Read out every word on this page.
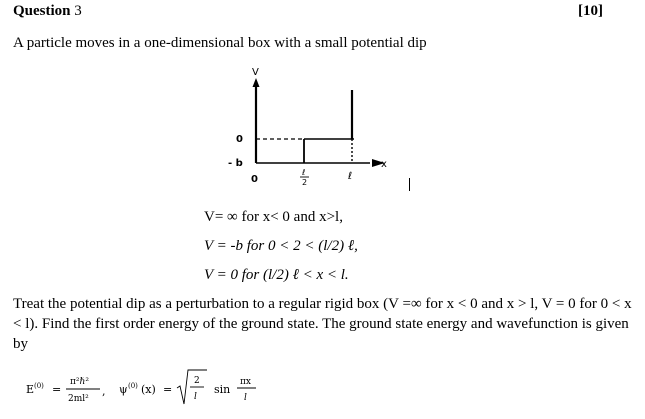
Question 3	[10]
A particle moves in a one-dimensional box with a small potential dip
V
x
0
- b
0
ℓ
2
ℓ
V= ∞ for x< 0 and x>l,
V = -b for 0 < 2 < (l/2) ℓ,
V = 0 for (l/2) ℓ < x < l.
Treat the potential dip as a perturbation to a regular rigid box (V =∞ for x < 0 and x > l, V = 0 for 0 < x < l). Find the first order energy of the ground state. The ground state energy and wavefunction is given by
E (0) =
π²ℏ²
2ml²
, ψ (0) (x) =
2
l
sin
πx
l
